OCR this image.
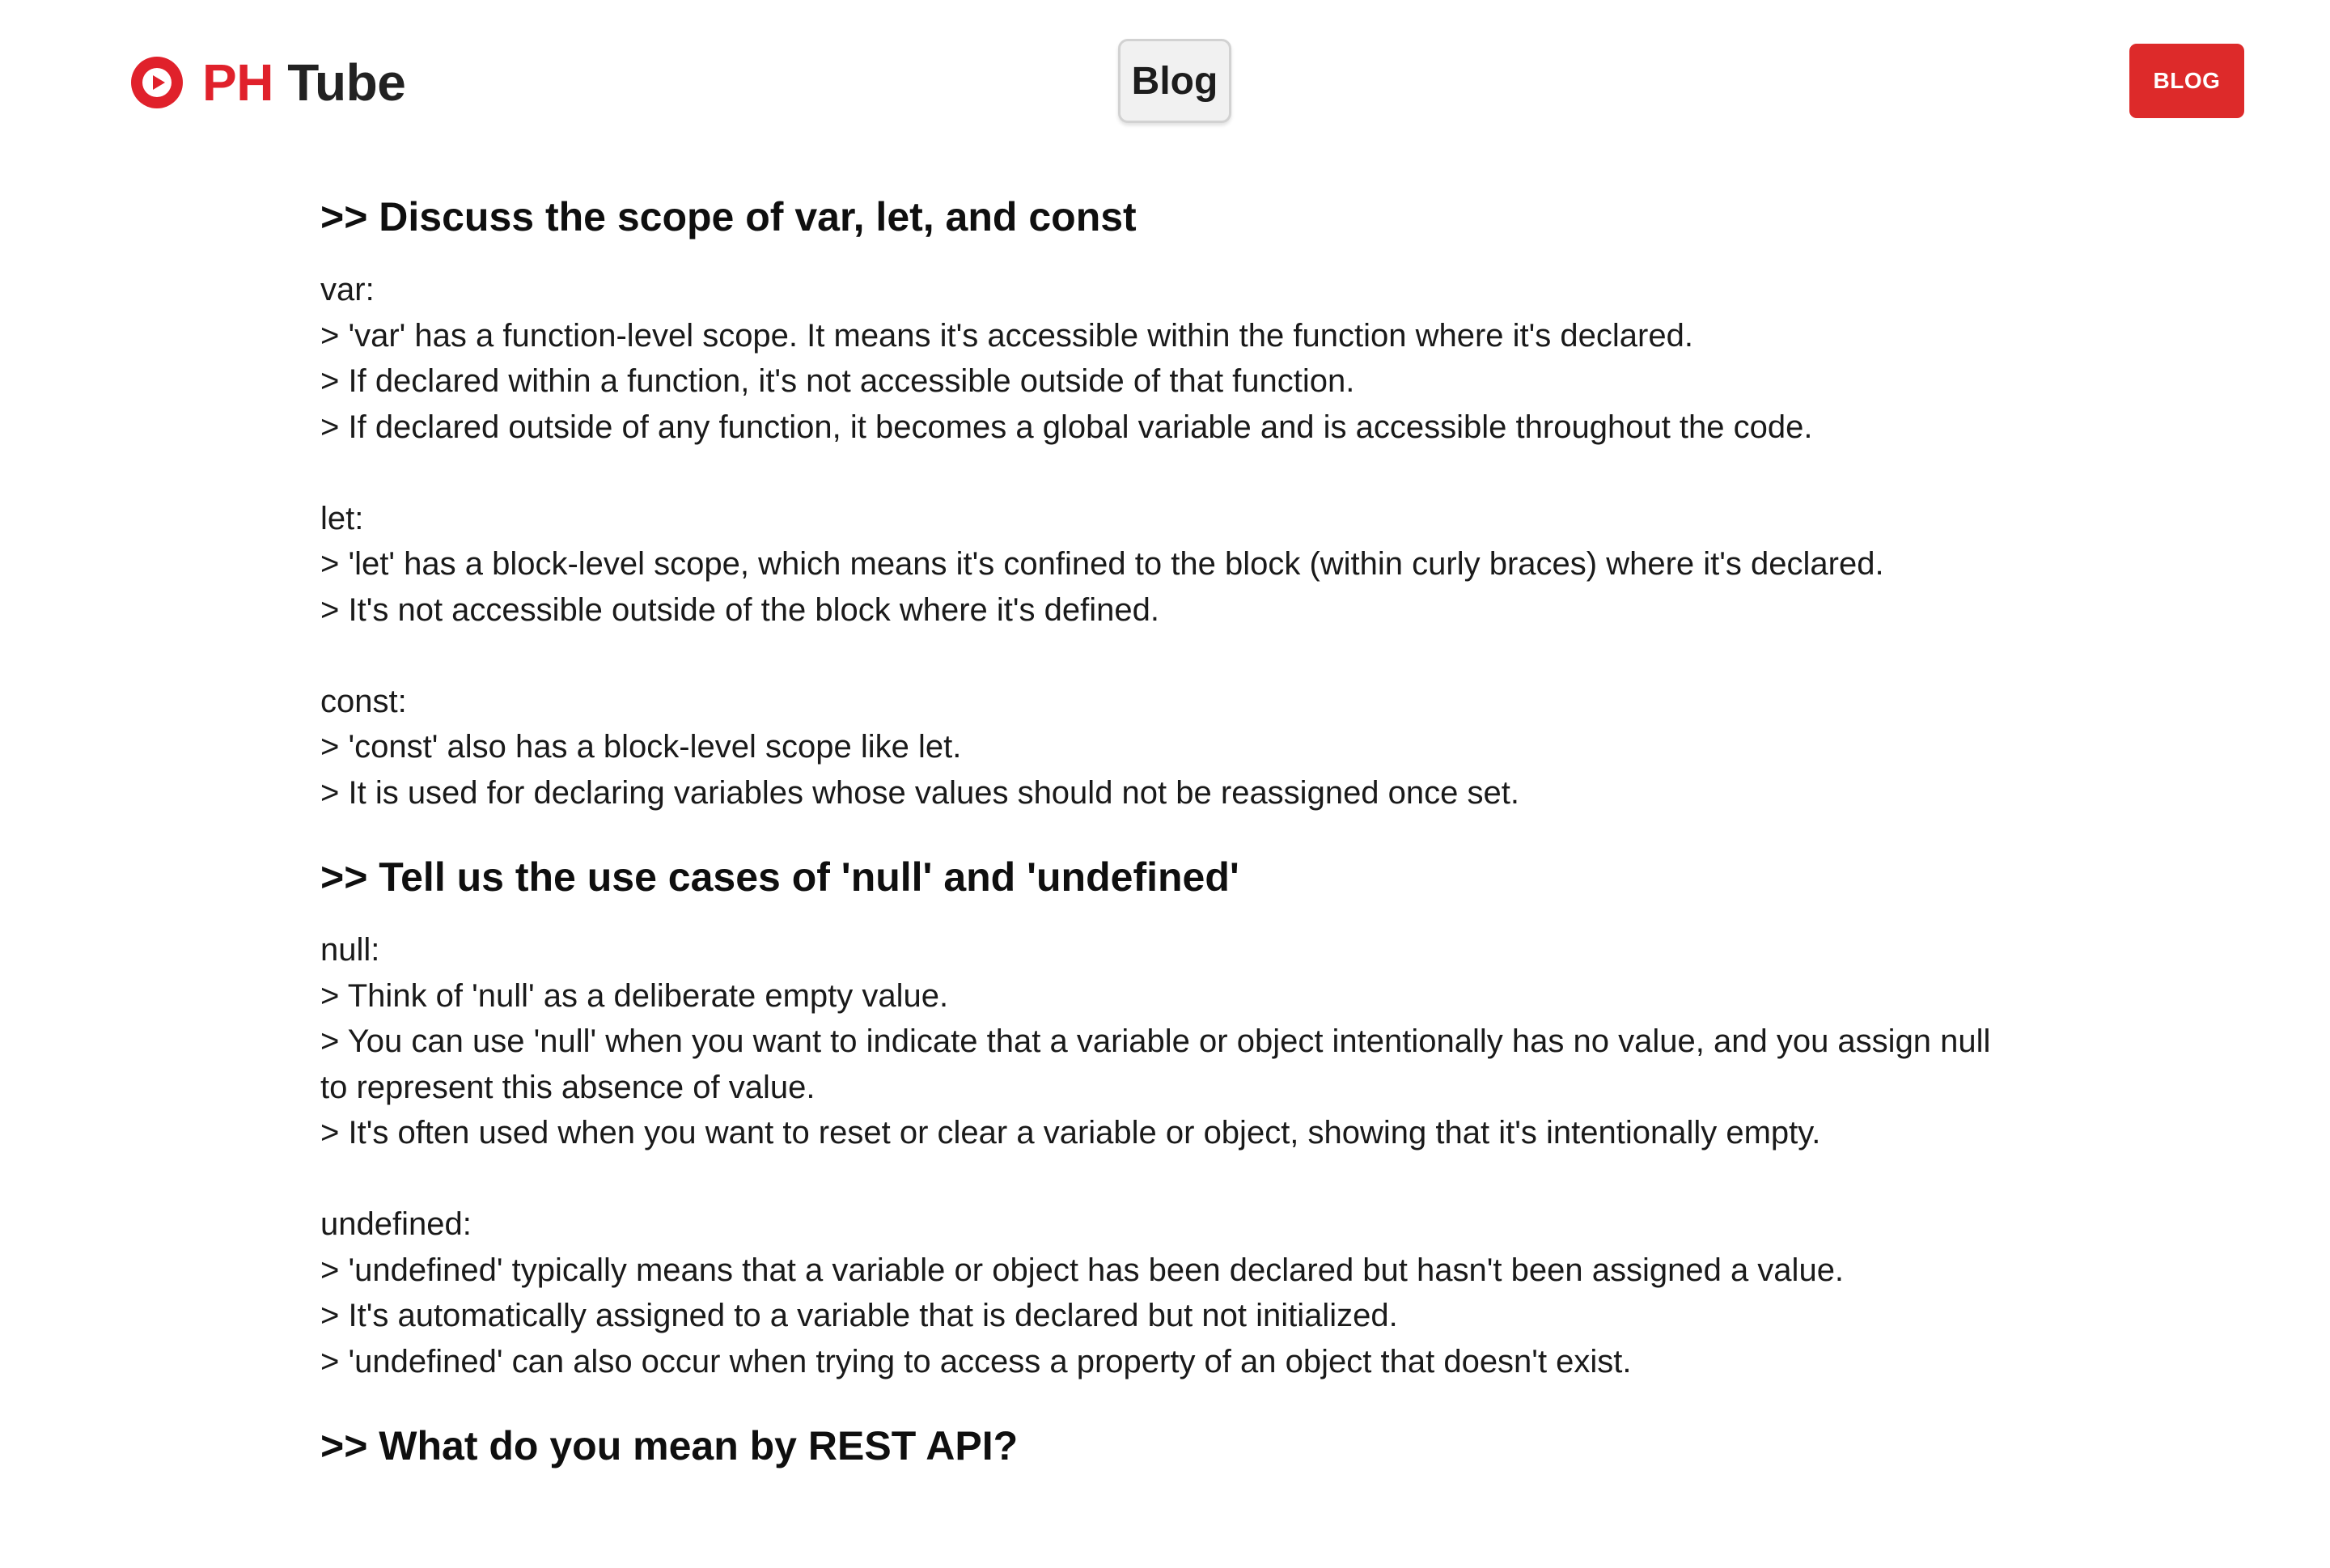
PH Tube	Blog	BLOG
>> Discuss the scope of var, let, and const
var:
> 'var' has a function-level scope. It means it's accessible within the function where it's declared.
> If declared within a function, it's not accessible outside of that function.
> If declared outside of any function, it becomes a global variable and is accessible throughout the code.
let:
> 'let' has a block-level scope, which means it's confined to the block (within curly braces) where it's declared.
> It's not accessible outside of the block where it's defined.
const:
> 'const' also has a block-level scope like let.
> It is used for declaring variables whose values should not be reassigned once set.
>> Tell us the use cases of 'null' and 'undefined'
null:
> Think of 'null' as a deliberate empty value.
> You can use 'null' when you want to indicate that a variable or object intentionally has no value, and you assign null to represent this absence of value.
> It's often used when you want to reset or clear a variable or object, showing that it's intentionally empty.
undefined:
> 'undefined' typically means that a variable or object has been declared but hasn't been assigned a value.
> It's automatically assigned to a variable that is declared but not initialized.
> 'undefined' can also occur when trying to access a property of an object that doesn't exist.
>> What do you mean by REST API?
